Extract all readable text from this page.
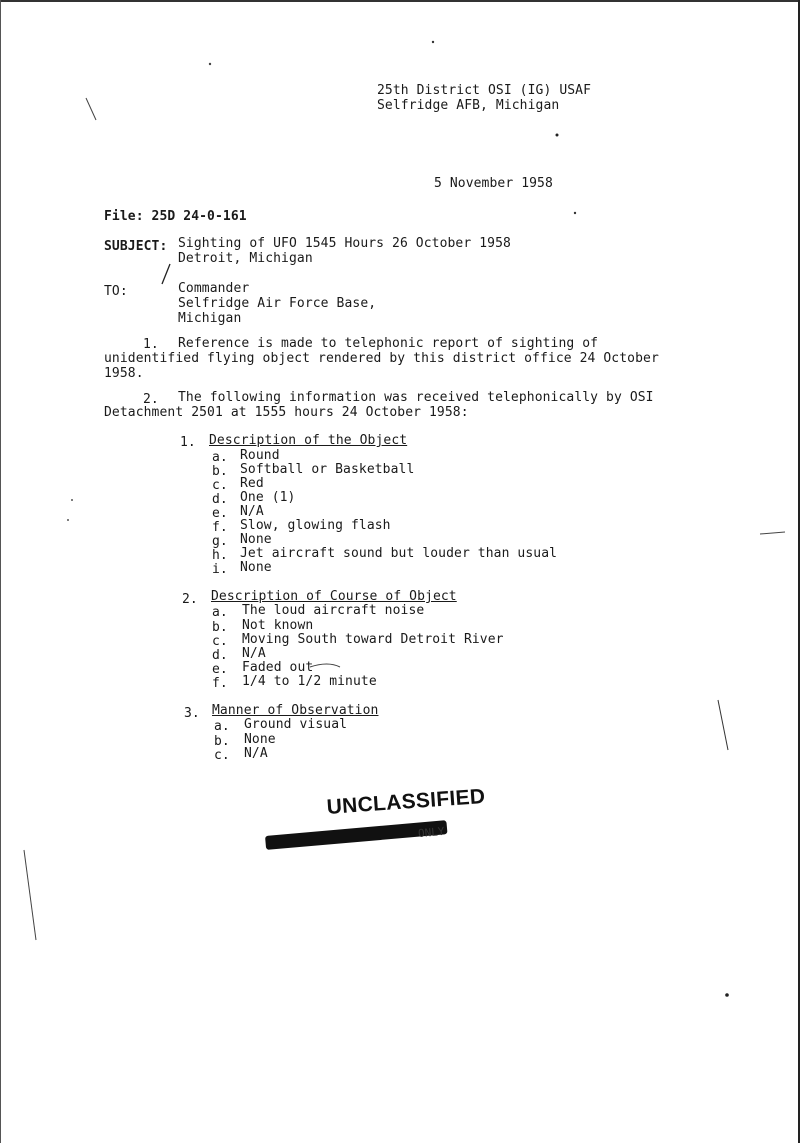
25th District OSI (IG) USAF
Selfridge AFB, Michigan
5 November 1958
File: 25D 24-0-161
SUBJECT: Sighting of UFO 1545 Hours 26 October 1958
Detroit, Michigan
TO:	Commander
Selfridge Air Force Base,
Michigan
1. Reference is made to telephonic report of sighting of
unidentified flying object rendered by this district office 24 October
1958.
2. The following information was received telephonically by OSI
Detachment 2501 at 1555 hours 24 October 1958:
1. Description of the Object
a. Round
b. Softball or Basketball
c. Red
d. One (1)
e. N/A
f. Slow, glowing flash
g. None
h. Jet aircraft sound but louder than usual
i. None
2. Description of Course of Object
a. The loud aircraft noise
b. Not known
c. Moving South toward Detroit River
d. N/A
e. Faded out
f. 1/4 to 1/2 minute
3. Manner of Observation
a. Ground visual
b. None
c. N/A
UNCLASSIFIED
ONLY
